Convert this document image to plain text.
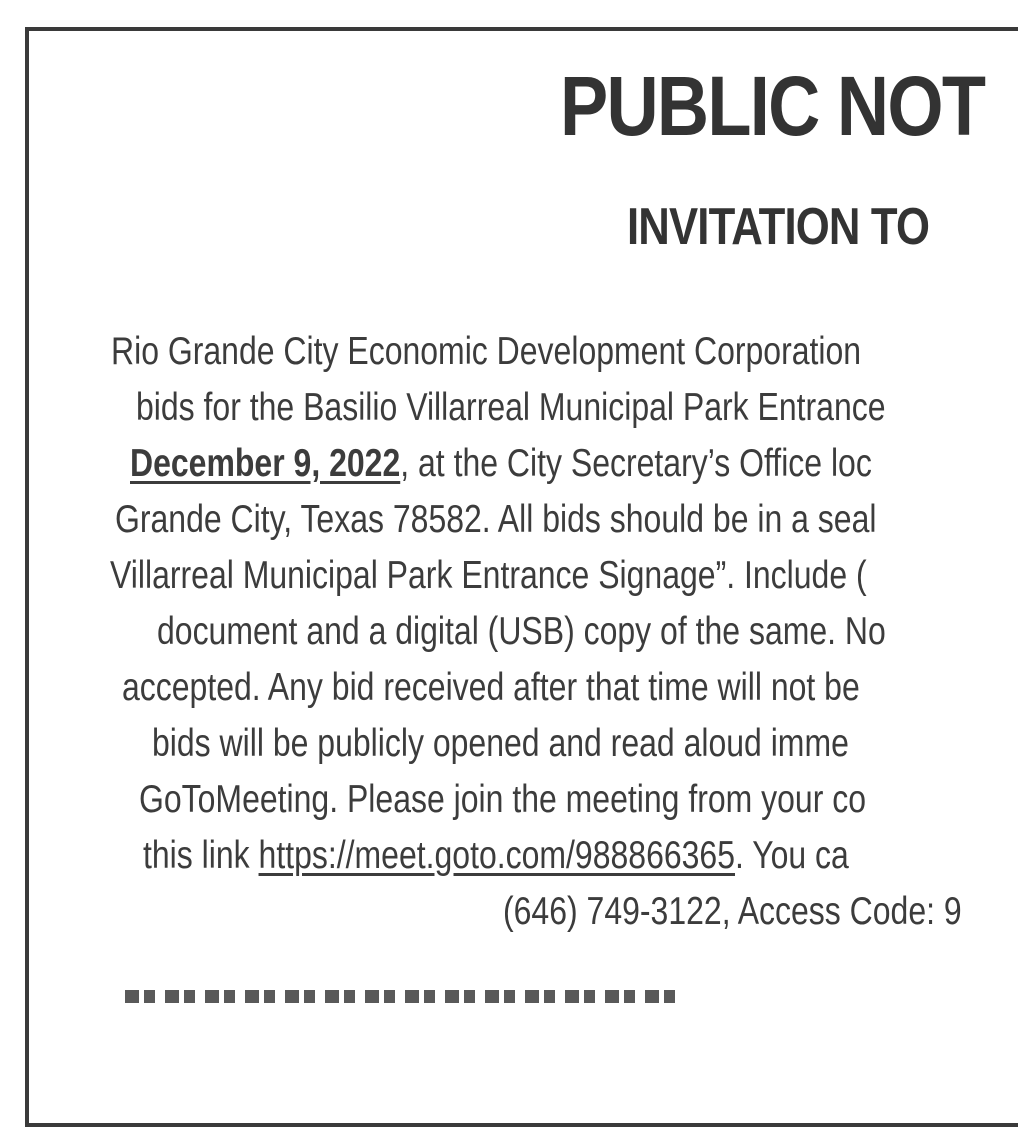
PUBLIC NOT
INVITATION TO
Rio Grande City Economic Development Corporation
bids for the Basilio Villarreal Municipal Park Entrance
December 9, 2022, at the City Secretary’s Office loc
Grande City, Texas 78582. All bids should be in a seal
Villarreal Municipal Park Entrance Signage”. Include (
document and a digital (USB) copy of the same. No
accepted. Any bid received after that time will not be
bids will be publicly opened and read aloud imme
GoToMeeting. Please join the meeting from your co
this link https://meet.goto.com/988866365. You ca
(646) 749-3122, Access Code: 9
